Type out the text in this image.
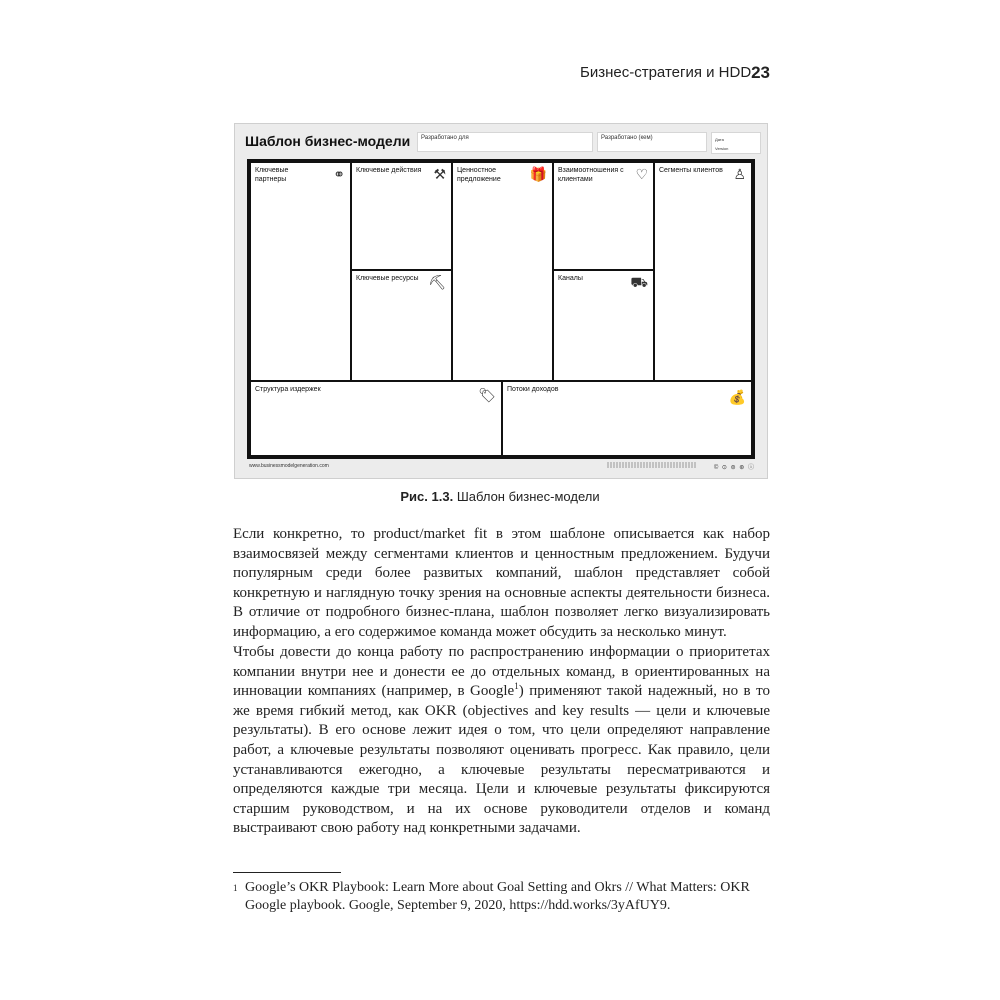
Бизнес-стратегия и HDD 23
Шаблон бизнес-модели	Разработано для	Разработано (кем)	Дата
Version
Ключевые партнеры	⚭ Ключевые действия ⚒
Ключевые ресурсы ⛏
Ценностное предложение	🎁 Взаимоотношения с клиентами	♡
Каналы	⛟
Сегменты клиентов ♙
Структура издержек	🏷	Потоки доходов	💰
www.businessmodelgeneration.com	© ⊙ ⊜ ⊛ ⓘ
Рис. 1.3. Шаблон бизнес-модели

Если конкретно, то product/market fit в этом шаблоне описывается как набор взаимосвязей между сегментами клиентов и ценностным предложением. Будучи популярным среди более развитых компаний, шаблон представляет собой конкретную и наглядную точку зрения на основные аспекты деятельности бизнеса. В отличие от подробного бизнес-плана, шаблон позволяет легко визуализировать информацию, а его содержимое команда может обсудить за несколько минут.

Чтобы довести до конца работу по распространению информации о приоритетах компании внутри нее и донести ее до отдельных команд, в ориентированных на инновации компаниях (например, в Google$^1$) применяют такой надежный, но в то же время гибкий метод, как OKR (objectives and key results — цели и ключевые результаты). В его основе лежит идея о том, что цели определяют направление работ, а ключевые результаты позволяют оценивать прогресс. Как правило, цели устанавливаются ежегодно, а ключевые результаты пересматриваются и определяются каждые три месяца. Цели и ключевые результаты фиксируются старшим руководством, и на их основе руководители отделов и команд выстраивают свою работу над конкретными задачами.

1 Google’s OKR Playbook: Learn More about Goal Setting and Okrs // What Matters: OKR Google playbook. Google, September 9, 2020, https://hdd.works/3yAfUY9.
